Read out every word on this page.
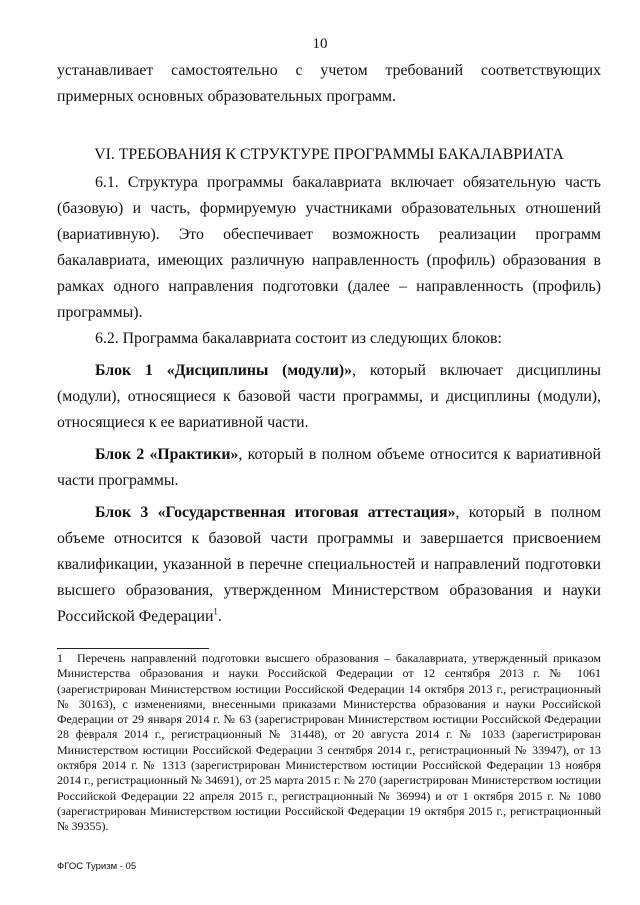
10

устанавливает самостоятельно с учетом требований соответствующих примерных основных образовательных программ.

VI. ТРЕБОВАНИЯ К СТРУКТУРЕ ПРОГРАММЫ БАКАЛАВРИАТА

6.1. Структура программы бакалавриата включает обязательную часть (базовую) и часть, формируемую участниками образовательных отношений (вариативную). Это обеспечивает возможность реализации программ бакалавриата, имеющих различную направленность (профиль) образования в рамках одного направления подготовки (далее – направленность (профиль) программы).

6.2. Программа бакалавриата состоит из следующих блоков:

Блок 1 «Дисциплины (модули)», который включает дисциплины (модули), относящиеся к базовой части программы, и дисциплины (модули), относящиеся к ее вариативной части.

Блок 2 «Практики», который в полном объеме относится к вариативной части программы.

Блок 3 «Государственная итоговая аттестация», который в полном объеме относится к базовой части программы и завершается присвоением квалификации, указанной в перечне специальностей и направлений подготовки высшего образования, утвержденном Министерством образования и науки Российской Федерации$^1$.

1 Перечень направлений подготовки высшего образования – бакалавриата, утвержденный приказом Министерства образования и науки Российской Федерации от 12 сентября 2013 г. № 1061 (зарегистрирован Министерством юстиции Российской Федерации 14 октября 2013 г., регистрационный № 30163), с изменениями, внесенными приказами Министерства образования и науки Российской Федерации от 29 января 2014 г. № 63 (зарегистрирован Министерством юстиции Российской Федерации 28 февраля 2014 г., регистрационный № 31448), от 20 августа 2014 г. № 1033 (зарегистрирован Министерством юстиции Российской Федерации 3 сентября 2014 г., регистрационный № 33947), от 13 октября 2014 г. № 1313 (зарегистрирован Министерством юстиции Российской Федерации 13 ноября 2014 г., регистрационный № 34691), от 25 марта 2015 г. № 270 (зарегистрирован Министерством юстиции Российской Федерации 22 апреля 2015 г., регистрационный № 36994) и от 1 октября 2015 г. № 1080 (зарегистрирован Министерством юстиции Российской Федерации 19 октября 2015 г., регистрационный № 39355).

ФГОС Туризм - 05
